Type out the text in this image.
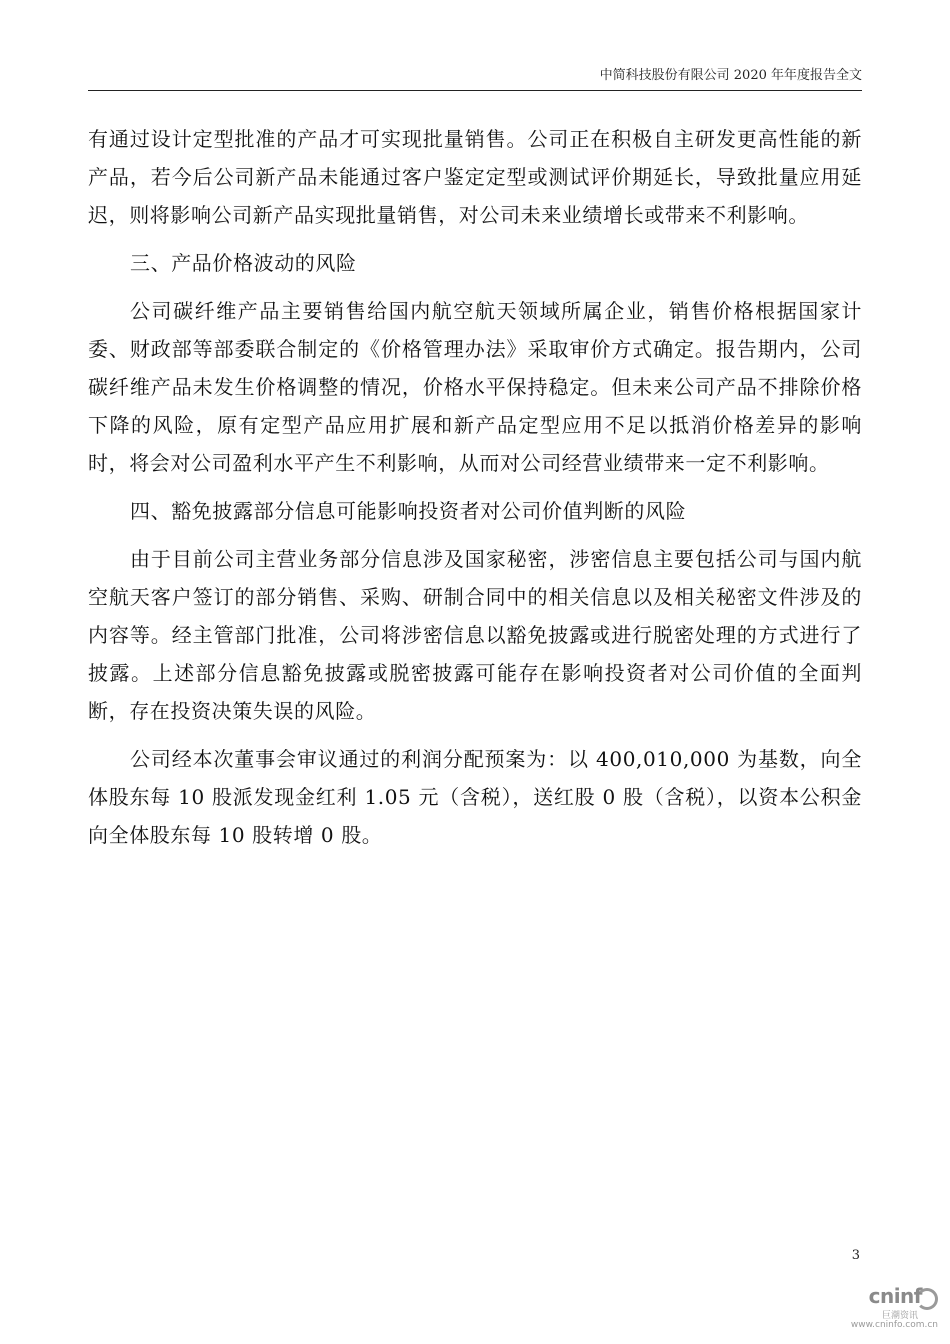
中简科技股份有限公司 2020 年年度报告全文

有通过设计定型批准的产品才可实现批量销售。公司正在积极自主研发更高性能的新产品，若今后公司新产品未能通过客户鉴定定型或测试评价期延长，导致批量应用延迟，则将影响公司新产品实现批量销售，对公司未来业绩增长或带来不利影响。

三、产品价格波动的风险

公司碳纤维产品主要销售给国内航空航天领域所属企业，销售价格根据国家计委、财政部等部委联合制定的《价格管理办法》采取审价方式确定。报告期内，公司碳纤维产品未发生价格调整的情况，价格水平保持稳定。但未来公司产品不排除价格下降的风险，原有定型产品应用扩展和新产品定型应用不足以抵消价格差异的影响时，将会对公司盈利水平产生不利影响，从而对公司经营业绩带来一定不利影响。

四、豁免披露部分信息可能影响投资者对公司价值判断的风险

由于目前公司主营业务部分信息涉及国家秘密，涉密信息主要包括公司与国内航空航天客户签订的部分销售、采购、研制合同中的相关信息以及相关秘密文件涉及的内容等。经主管部门批准，公司将涉密信息以豁免披露或进行脱密处理的方式进行了披露。上述部分信息豁免披露或脱密披露可能存在影响投资者对公司价值的全面判断，存在投资决策失误的风险。

公司经本次董事会审议通过的利润分配预案为：以 400,010,000 为基数，向全体股东每 10 股派发现金红利 1.05 元（含税），送红股 0 股（含税），以资本公积金向全体股东每 10 股转增 0 股。

3
cninf
巨潮资讯
www.cninfo.com.cn
